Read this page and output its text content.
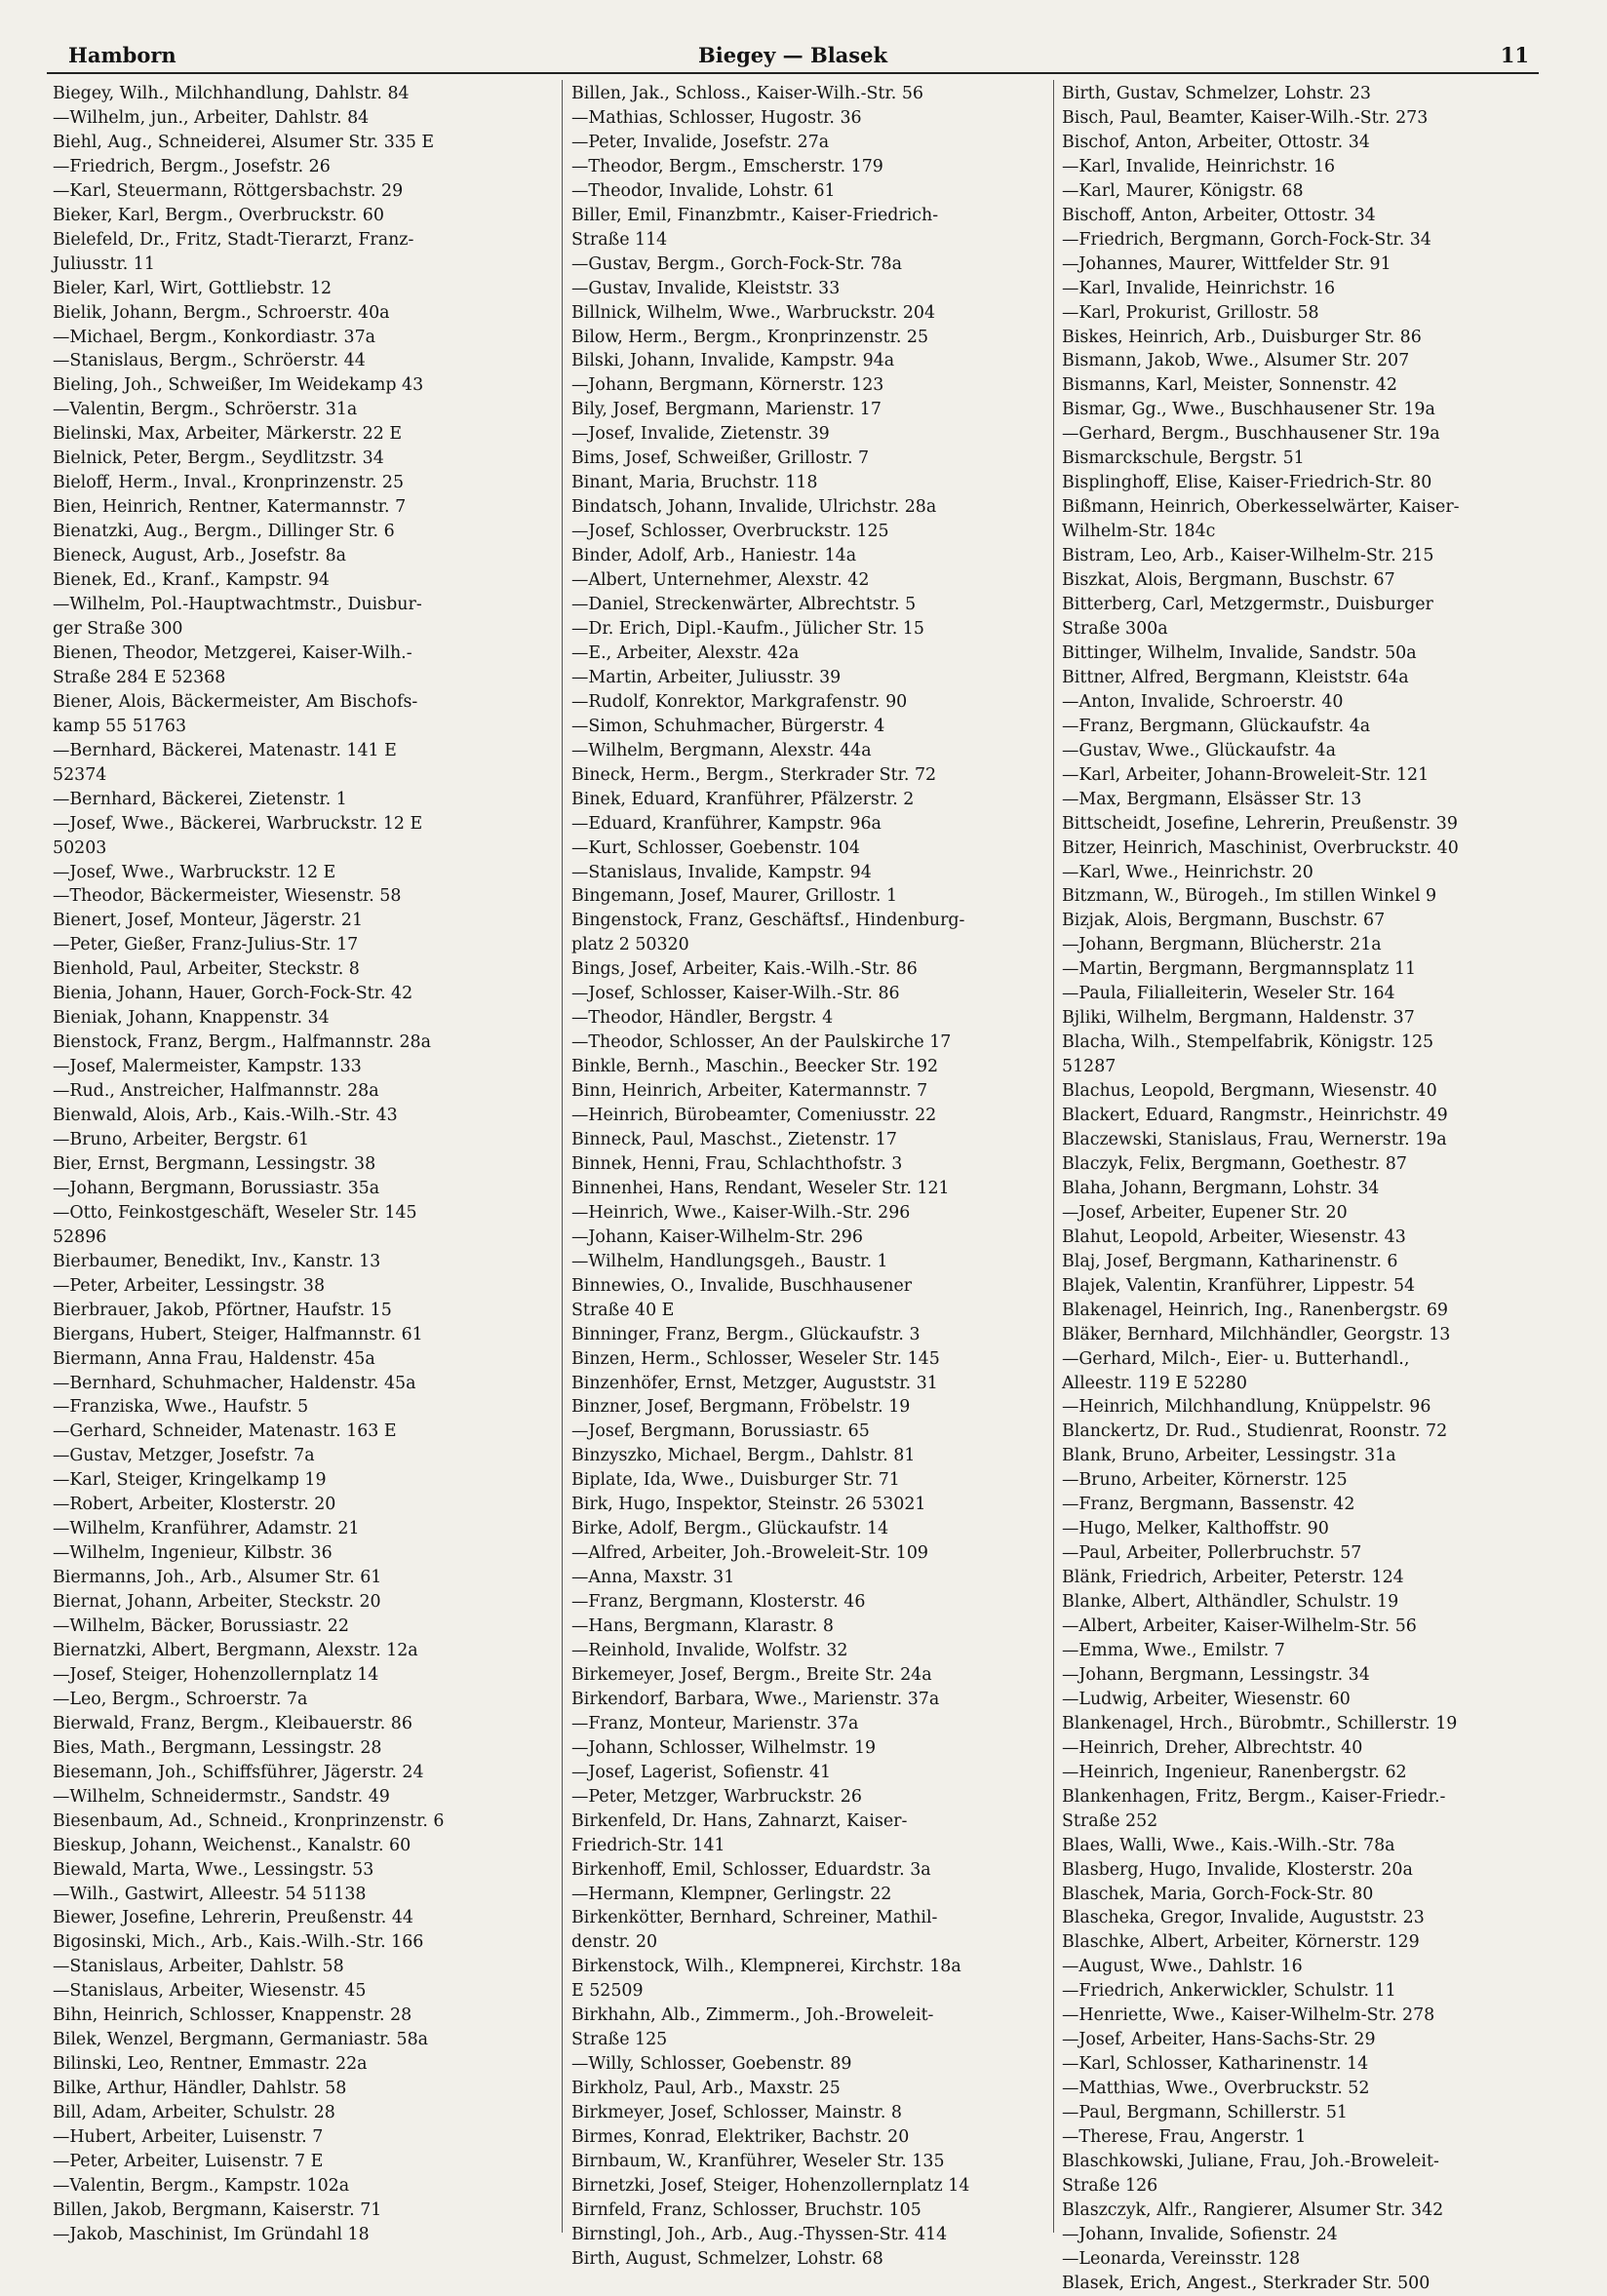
Biegey — Blasek
Hamborn	11
Biegey, Wilh., Milchhandlung, Dahlstr. 84
—Wilhelm, jun., Arbeiter, Dahlstr. 84
Biehl, Aug., Schneiderei, Alsumer Str. 335 E
—Friedrich, Bergm., Josefstr. 26
—Karl, Steuermann, Röttgersbachstr. 29
Bieker, Karl, Bergm., Overbruckstr. 60
Bielefeld, Dr., Fritz, Stadt-Tierarzt, Franz-
Juliusstr. 11
Bieler, Karl, Wirt, Gottliebstr. 12
Bielik, Johann, Bergm., Schroerstr. 40a
—Michael, Bergm., Konkordiastr. 37a
—Stanislaus, Bergm., Schröerstr. 44
Bieling, Joh., Schweißer, Im Weidekamp 43
—Valentin, Bergm., Schröerstr. 31a
Bielinski, Max, Arbeiter, Märkerstr. 22 E
Bielnick, Peter, Bergm., Seydlitzstr. 34
Bieloff, Herm., Inval., Kronprinzenstr. 25
Bien, Heinrich, Rentner, Katermannstr. 7
Bienatzki, Aug., Bergm., Dillinger Str. 6
Bieneck, August, Arb., Josefstr. 8a
Bienek, Ed., Kranf., Kampstr. 94
—Wilhelm, Pol.-Hauptwachtmstr., Duisbur-
ger Straße 300
Bienen, Theodor, Metzgerei, Kaiser-Wilh.-
Straße 284 E 52368
Biener, Alois, Bäckermeister, Am Bischofs-
kamp 55 51763
—Bernhard, Bäckerei, Matenastr. 141 E
52374
—Bernhard, Bäckerei, Zietenstr. 1
—Josef, Wwe., Bäckerei, Warbruckstr. 12 E
50203
—Josef, Wwe., Warbruckstr. 12 E
—Theodor, Bäckermeister, Wiesenstr. 58
Bienert, Josef, Monteur, Jägerstr. 21
—Peter, Gießer, Franz-Julius-Str. 17
Bienhold, Paul, Arbeiter, Steckstr. 8
Bienia, Johann, Hauer, Gorch-Fock-Str. 42
Bieniak, Johann, Knappenstr. 34
Bienstock, Franz, Bergm., Halfmannstr. 28a
—Josef, Malermeister, Kampstr. 133
—Rud., Anstreicher, Halfmannstr. 28a
Bienwald, Alois, Arb., Kais.-Wilh.-Str. 43
—Bruno, Arbeiter, Bergstr. 61
Bier, Ernst, Bergmann, Lessingstr. 38
—Johann, Bergmann, Borussiastr. 35a
—Otto, Feinkostgeschäft, Weseler Str. 145
52896
Bierbaumer, Benedikt, Inv., Kanstr. 13
—Peter, Arbeiter, Lessingstr. 38
Bierbrauer, Jakob, Pförtner, Haufstr. 15
Biergans, Hubert, Steiger, Halfmannstr. 61
Biermann, Anna Frau, Haldenstr. 45a
—Bernhard, Schuhmacher, Haldenstr. 45a
—Franziska, Wwe., Haufstr. 5
—Gerhard, Schneider, Matenastr. 163 E
—Gustav, Metzger, Josefstr. 7a
—Karl, Steiger, Kringelkamp 19
—Robert, Arbeiter, Klosterstr. 20
—Wilhelm, Kranführer, Adamstr. 21
—Wilhelm, Ingenieur, Kilbstr. 36
Biermanns, Joh., Arb., Alsumer Str. 61
Biernat, Johann, Arbeiter, Steckstr. 20
—Wilhelm, Bäcker, Borussiastr. 22
Biernatzki, Albert, Bergmann, Alexstr. 12a
—Josef, Steiger, Hohenzollernplatz 14
—Leo, Bergm., Schroerstr. 7a
Bierwald, Franz, Bergm., Kleibauerstr. 86
Bies, Math., Bergmann, Lessingstr. 28
Biesemann, Joh., Schiffsführer, Jägerstr. 24
—Wilhelm, Schneidermstr., Sandstr. 49
Biesenbaum, Ad., Schneid., Kronprinzenstr. 6
Bieskup, Johann, Weichenst., Kanalstr. 60
Biewald, Marta, Wwe., Lessingstr. 53
—Wilh., Gastwirt, Alleestr. 54 51138
Biewer, Josefine, Lehrerin, Preußenstr. 44
Bigosinski, Mich., Arb., Kais.-Wilh.-Str. 166
—Stanislaus, Arbeiter, Dahlstr. 58
—Stanislaus, Arbeiter, Wiesenstr. 45
Bihn, Heinrich, Schlosser, Knappenstr. 28
Bilek, Wenzel, Bergmann, Germaniastr. 58a
Bilinski, Leo, Rentner, Emmastr. 22a
Bilke, Arthur, Händler, Dahlstr. 58
Bill, Adam, Arbeiter, Schulstr. 28
—Hubert, Arbeiter, Luisenstr. 7
—Peter, Arbeiter, Luisenstr. 7 E
—Valentin, Bergm., Kampstr. 102a
Billen, Jakob, Bergmann, Kaiserstr. 71
—Jakob, Maschinist, Im Gründahl 18
Billen, Jak., Schloss., Kaiser-Wilh.-Str. 56
—Mathias, Schlosser, Hugostr. 36
—Peter, Invalide, Josefstr. 27a
—Theodor, Bergm., Emscherstr. 179
—Theodor, Invalide, Lohstr. 61
Biller, Emil, Finanzbmtr., Kaiser-Friedrich-
Straße 114
—Gustav, Bergm., Gorch-Fock-Str. 78a
—Gustav, Invalide, Kleiststr. 33
Billnick, Wilhelm, Wwe., Warbruckstr. 204
Bilow, Herm., Bergm., Kronprinzenstr. 25
Bilski, Johann, Invalide, Kampstr. 94a
—Johann, Bergmann, Körnerstr. 123
Bily, Josef, Bergmann, Marienstr. 17
—Josef, Invalide, Zietenstr. 39
Bims, Josef, Schweißer, Grillostr. 7
Binant, Maria, Bruchstr. 118
Bindatsch, Johann, Invalide, Ulrichstr. 28a
—Josef, Schlosser, Overbruckstr. 125
Binder, Adolf, Arb., Haniestr. 14a
—Albert, Unternehmer, Alexstr. 42
—Daniel, Streckenwärter, Albrechtstr. 5
—Dr. Erich, Dipl.-Kaufm., Jülicher Str. 15
—E., Arbeiter, Alexstr. 42a
—Martin, Arbeiter, Juliusstr. 39
—Rudolf, Konrektor, Markgrafenstr. 90
—Simon, Schuhmacher, Bürgerstr. 4
—Wilhelm, Bergmann, Alexstr. 44a
Bineck, Herm., Bergm., Sterkrader Str. 72
Binek, Eduard, Kranführer, Pfälzerstr. 2
—Eduard, Kranführer, Kampstr. 96a
—Kurt, Schlosser, Goebenstr. 104
—Stanislaus, Invalide, Kampstr. 94
Bingemann, Josef, Maurer, Grillostr. 1
Bingenstock, Franz, Geschäftsf., Hindenburg-
platz 2 50320
Bings, Josef, Arbeiter, Kais.-Wilh.-Str. 86
—Josef, Schlosser, Kaiser-Wilh.-Str. 86
—Theodor, Händler, Bergstr. 4
—Theodor, Schlosser, An der Paulskirche 17
Binkle, Bernh., Maschin., Beecker Str. 192
Binn, Heinrich, Arbeiter, Katermannstr. 7
—Heinrich, Bürobeamter, Comeniusstr. 22
Binneck, Paul, Maschst., Zietenstr. 17
Binnek, Henni, Frau, Schlachthofstr. 3
Binnenhei, Hans, Rendant, Weseler Str. 121
—Heinrich, Wwe., Kaiser-Wilh.-Str. 296
—Johann, Kaiser-Wilhelm-Str. 296
—Wilhelm, Handlungsgeh., Baustr. 1
Binnewies, O., Invalide, Buschhausener
Straße 40 E
Binninger, Franz, Bergm., Glückaufstr. 3
Binzen, Herm., Schlosser, Weseler Str. 145
Binzenhöfer, Ernst, Metzger, Auguststr. 31
Binzner, Josef, Bergmann, Fröbelstr. 19
—Josef, Bergmann, Borussiastr. 65
Binzyszko, Michael, Bergm., Dahlstr. 81
Biplate, Ida, Wwe., Duisburger Str. 71
Birk, Hugo, Inspektor, Steinstr. 26 53021
Birke, Adolf, Bergm., Glückaufstr. 14
—Alfred, Arbeiter, Joh.-Broweleit-Str. 109
—Anna, Maxstr. 31
—Franz, Bergmann, Klosterstr. 46
—Hans, Bergmann, Klarastr. 8
—Reinhold, Invalide, Wolfstr. 32
Birkemeyer, Josef, Bergm., Breite Str. 24a
Birkendorf, Barbara, Wwe., Marienstr. 37a
—Franz, Monteur, Marienstr. 37a
—Johann, Schlosser, Wilhelmstr. 19
—Josef, Lagerist, Sofienstr. 41
—Peter, Metzger, Warbruckstr. 26
Birkenfeld, Dr. Hans, Zahnarzt, Kaiser-
Friedrich-Str. 141
Birkenhoff, Emil, Schlosser, Eduardstr. 3a
—Hermann, Klempner, Gerlingstr. 22
Birkenkötter, Bernhard, Schreiner, Mathil-
denstr. 20
Birkenstock, Wilh., Klempnerei, Kirchstr. 18a
E 52509
Birkhahn, Alb., Zimmerm., Joh.-Broweleit-
Straße 125
—Willy, Schlosser, Goebenstr. 89
Birkholz, Paul, Arb., Maxstr. 25
Birkmeyer, Josef, Schlosser, Mainstr. 8
Birmes, Konrad, Elektriker, Bachstr. 20
Birnbaum, W., Kranführer, Weseler Str. 135
Birnetzki, Josef, Steiger, Hohenzollernplatz 14
Birnfeld, Franz, Schlosser, Bruchstr. 105
Birnstingl, Joh., Arb., Aug.-Thyssen-Str. 414
Birth, August, Schmelzer, Lohstr. 68
Birth, Gustav, Schmelzer, Lohstr. 23
Bisch, Paul, Beamter, Kaiser-Wilh.-Str. 273
Bischof, Anton, Arbeiter, Ottostr. 34
—Karl, Invalide, Heinrichstr. 16
—Karl, Maurer, Königstr. 68
Bischoff, Anton, Arbeiter, Ottostr. 34
—Friedrich, Bergmann, Gorch-Fock-Str. 34
—Johannes, Maurer, Wittfelder Str. 91
—Karl, Invalide, Heinrichstr. 16
—Karl, Prokurist, Grillostr. 58
Biskes, Heinrich, Arb., Duisburger Str. 86
Bismann, Jakob, Wwe., Alsumer Str. 207
Bismanns, Karl, Meister, Sonnenstr. 42
Bismar, Gg., Wwe., Buschhausener Str. 19a
—Gerhard, Bergm., Buschhausener Str. 19a
Bismarckschule, Bergstr. 51
Bisplinghoff, Elise, Kaiser-Friedrich-Str. 80
Bißmann, Heinrich, Oberkesselwärter, Kaiser-
Wilhelm-Str. 184c
Bistram, Leo, Arb., Kaiser-Wilhelm-Str. 215
Biszkat, Alois, Bergmann, Buschstr. 67
Bitterberg, Carl, Metzgermstr., Duisburger
Straße 300a
Bittinger, Wilhelm, Invalide, Sandstr. 50a
Bittner, Alfred, Bergmann, Kleiststr. 64a
—Anton, Invalide, Schroerstr. 40
—Franz, Bergmann, Glückaufstr. 4a
—Gustav, Wwe., Glückaufstr. 4a
—Karl, Arbeiter, Johann-Broweleit-Str. 121
—Max, Bergmann, Elsässer Str. 13
Bittscheidt, Josefine, Lehrerin, Preußenstr. 39
Bitzer, Heinrich, Maschinist, Overbruckstr. 40
—Karl, Wwe., Heinrichstr. 20
Bitzmann, W., Bürogeh., Im stillen Winkel 9
Bizjak, Alois, Bergmann, Buschstr. 67
—Johann, Bergmann, Blücherstr. 21a
—Martin, Bergmann, Bergmannsplatz 11
—Paula, Filialleiterin, Weseler Str. 164
Bjliki, Wilhelm, Bergmann, Haldenstr. 37
Blacha, Wilh., Stempelfabrik, Königstr. 125
51287
Blachus, Leopold, Bergmann, Wiesenstr. 40
Blackert, Eduard, Rangmstr., Heinrichstr. 49
Blaczewski, Stanislaus, Frau, Wernerstr. 19a
Blaczyk, Felix, Bergmann, Goethestr. 87
Blaha, Johann, Bergmann, Lohstr. 34
—Josef, Arbeiter, Eupener Str. 20
Blahut, Leopold, Arbeiter, Wiesenstr. 43
Blaj, Josef, Bergmann, Katharinenstr. 6
Blajek, Valentin, Kranführer, Lippestr. 54
Blakenagel, Heinrich, Ing., Ranenbergstr. 69
Bläker, Bernhard, Milchhändler, Georgstr. 13
—Gerhard, Milch-, Eier- u. Butterhandl.,
Alleestr. 119 E 52280
—Heinrich, Milchhandlung, Knüppelstr. 96
Blanckertz, Dr. Rud., Studienrat, Roonstr. 72
Blank, Bruno, Arbeiter, Lessingstr. 31a
—Bruno, Arbeiter, Körnerstr. 125
—Franz, Bergmann, Bassenstr. 42
—Hugo, Melker, Kalthoffstr. 90
—Paul, Arbeiter, Pollerbruchstr. 57
Blänk, Friedrich, Arbeiter, Peterstr. 124
Blanke, Albert, Althändler, Schulstr. 19
—Albert, Arbeiter, Kaiser-Wilhelm-Str. 56
—Emma, Wwe., Emilstr. 7
—Johann, Bergmann, Lessingstr. 34
—Ludwig, Arbeiter, Wiesenstr. 60
Blankenagel, Hrch., Bürobmtr., Schillerstr. 19
—Heinrich, Dreher, Albrechtstr. 40
—Heinrich, Ingenieur, Ranenbergstr. 62
Blankenhagen, Fritz, Bergm., Kaiser-Friedr.-
Straße 252
Blaes, Walli, Wwe., Kais.-Wilh.-Str. 78a
Blasberg, Hugo, Invalide, Klosterstr. 20a
Blaschek, Maria, Gorch-Fock-Str. 80
Blascheka, Gregor, Invalide, Auguststr. 23
Blaschke, Albert, Arbeiter, Körnerstr. 129
—August, Wwe., Dahlstr. 16
—Friedrich, Ankerwickler, Schulstr. 11
—Henriette, Wwe., Kaiser-Wilhelm-Str. 278
—Josef, Arbeiter, Hans-Sachs-Str. 29
—Karl, Schlosser, Katharinenstr. 14
—Matthias, Wwe., Overbruckstr. 52
—Paul, Bergmann, Schillerstr. 51
—Therese, Frau, Angerstr. 1
Blaschkowski, Juliane, Frau, Joh.-Broweleit-
Straße 126
Blaszczyk, Alfr., Rangierer, Alsumer Str. 342
—Johann, Invalide, Sofienstr. 24
—Leonarda, Vereinsstr. 128
Blasek, Erich, Angest., Sterkrader Str. 500
